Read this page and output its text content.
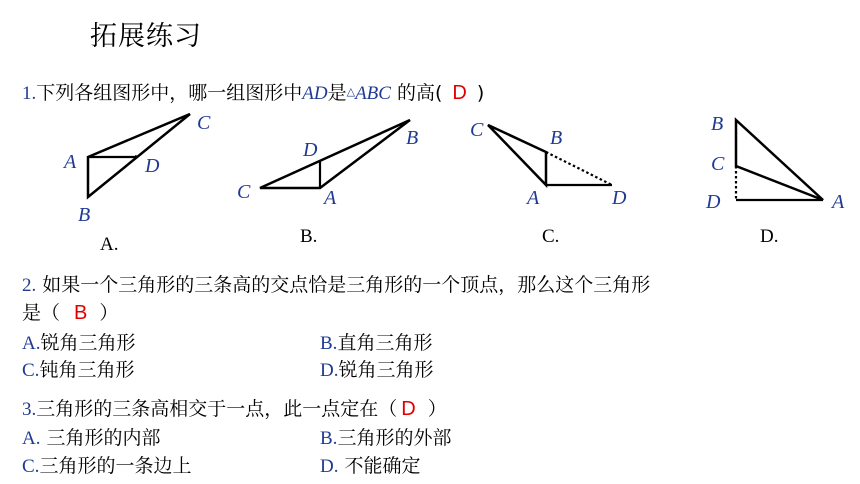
拓展练习
1.下列各组图形中，哪一组图形中AD是△ABC 的高( D )
A
C
D
B
D
B
C	A
C	B
A	D
B
C
D	A
A.	B.	C.	D.
2. 如果一个三角形的三条高的交点恰是三角形的一个顶点，那么这个三角形
是（ B ）
A.锐角三角形	B.直角三角形
C.钝角三角形	D.锐角三角形
3.三角形的三条高相交于一点，此一点定在（ D ）
A. 三角形的内部	B.三角形的外部
C.三角形的一条边上	D. 不能确定
